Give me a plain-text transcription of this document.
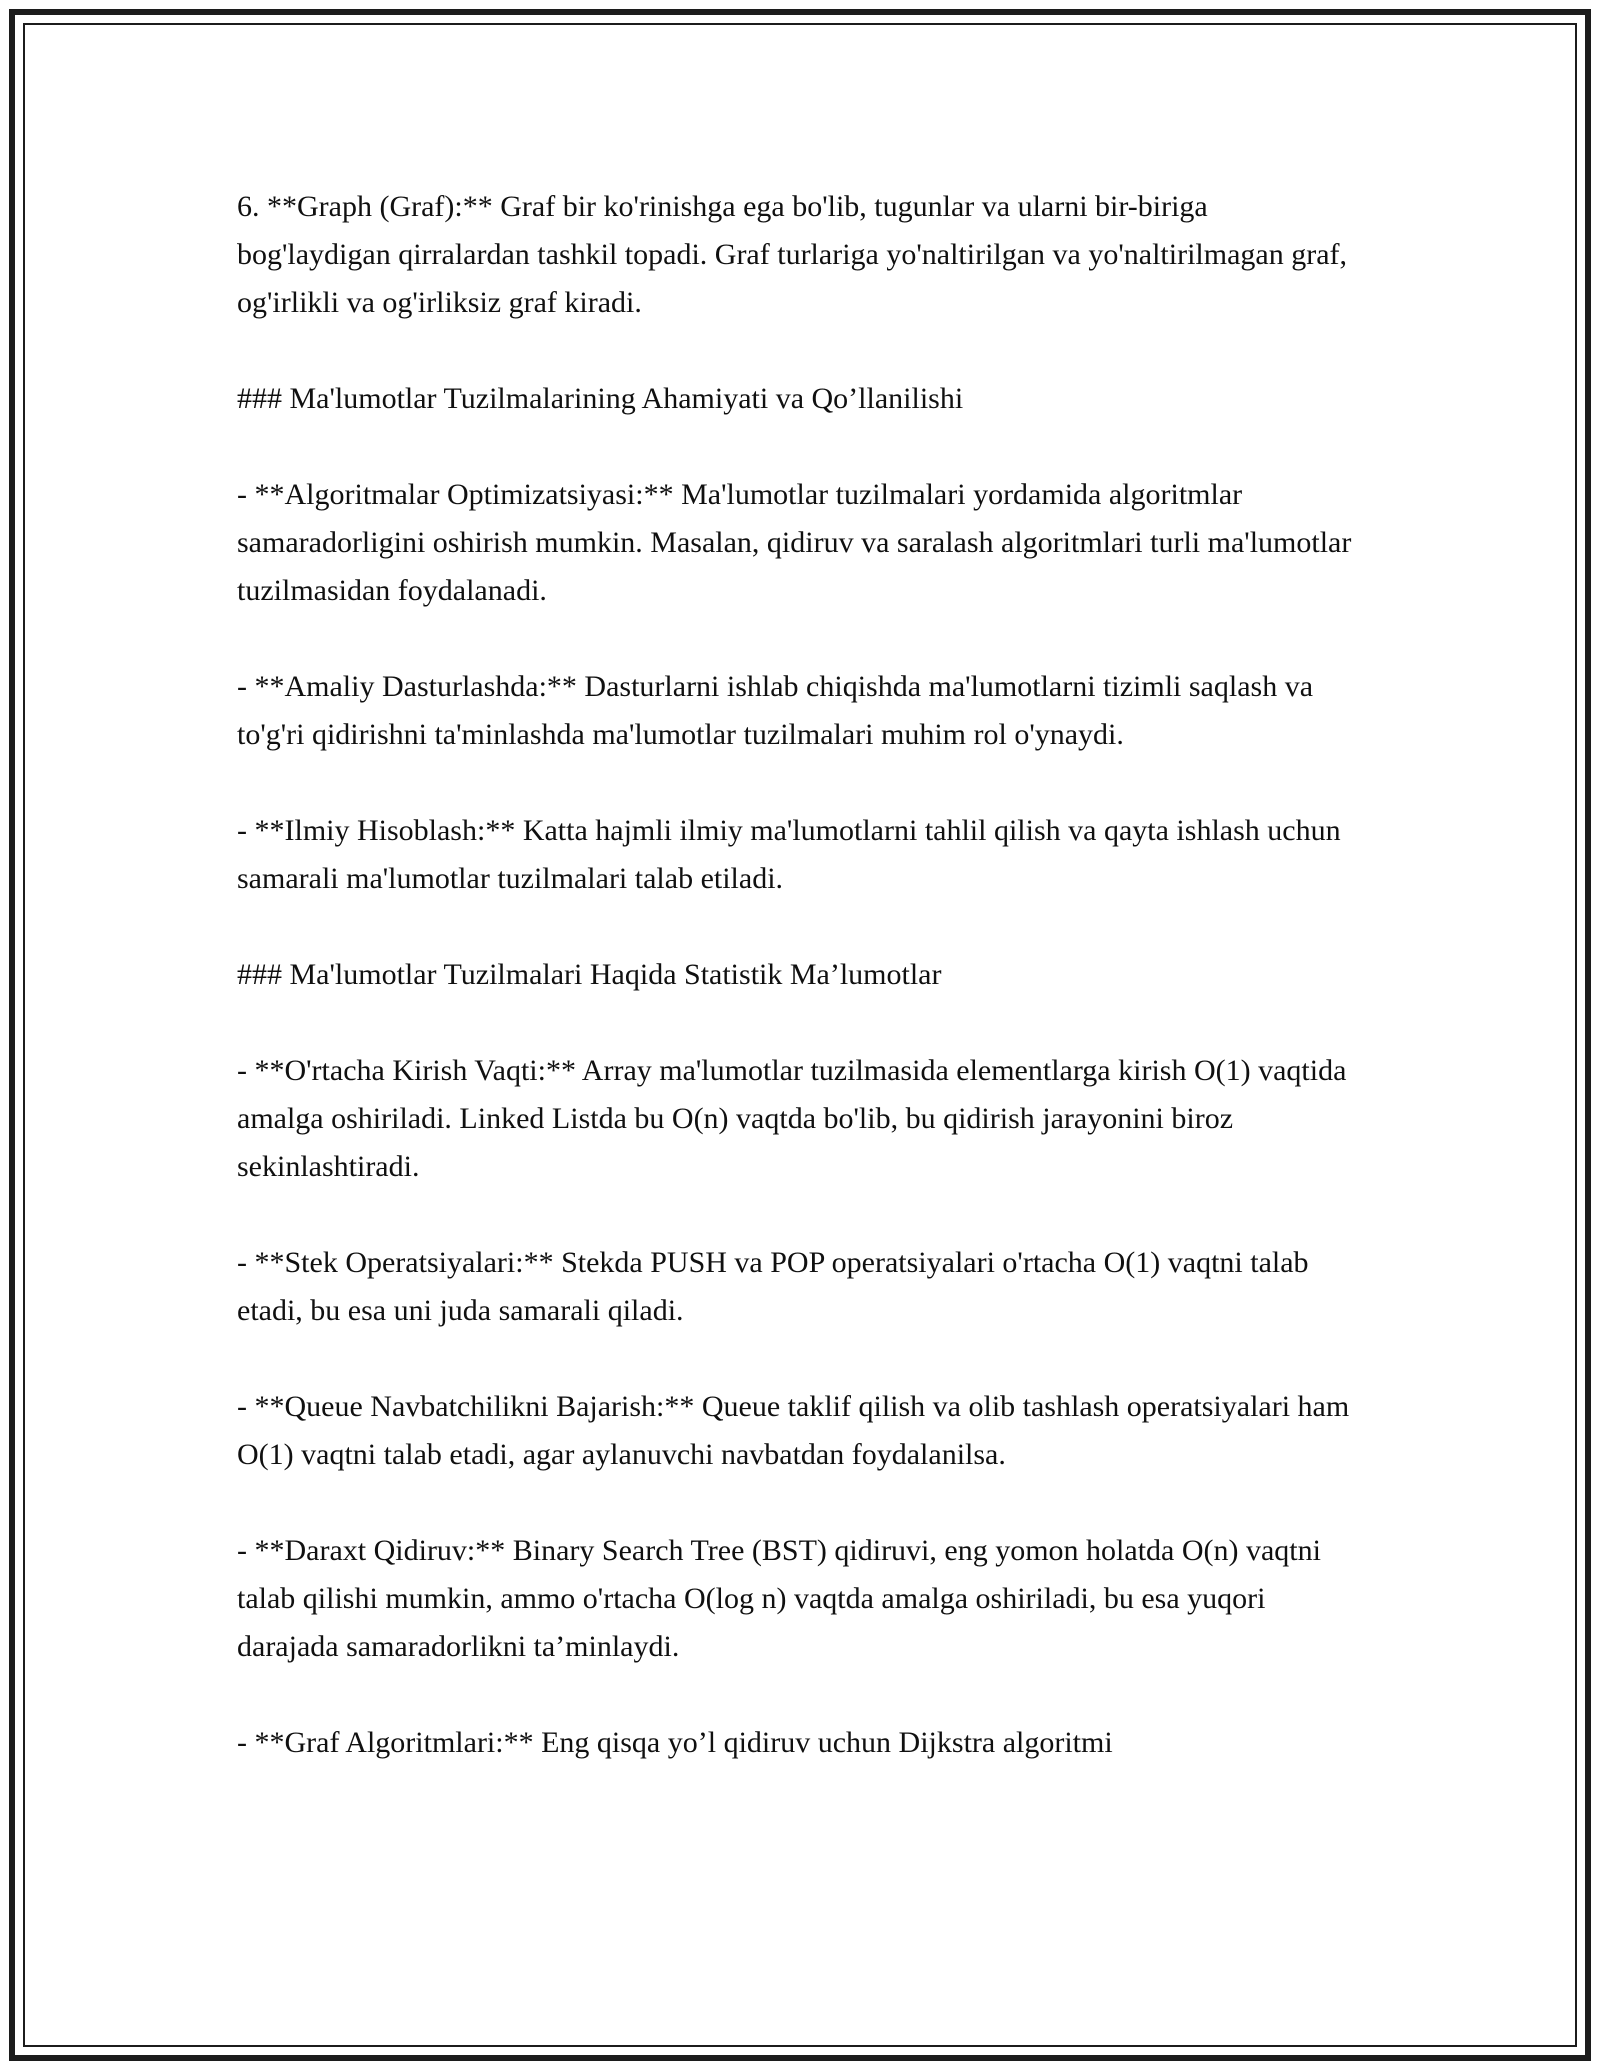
6. **Graph (Graf):** Graf bir ko'rinishga ega bo'lib, tugunlar va ularni bir-biriga bog'laydigan qirralardan tashkil topadi. Graf turlariga yo'naltirilgan va yo'naltirilmagan graf, og'irlikli va og'irliksiz graf kiradi.

### Ma'lumotlar Tuzilmalarining Ahamiyati va Qo’llanilishi

- **Algoritmalar Optimizatsiyasi:** Ma'lumotlar tuzilmalari yordamida algoritmlar samaradorligini oshirish mumkin. Masalan, qidiruv va saralash algoritmlari turli ma'lumotlar tuzilmasidan foydalanadi.

- **Amaliy Dasturlashda:** Dasturlarni ishlab chiqishda ma'lumotlarni tizimli saqlash va to'g'ri qidirishni ta'minlashda ma'lumotlar tuzilmalari muhim rol o'ynaydi.

- **Ilmiy Hisoblash:** Katta hajmli ilmiy ma'lumotlarni tahlil qilish va qayta ishlash uchun samarali ma'lumotlar tuzilmalari talab etiladi.

### Ma'lumotlar Tuzilmalari Haqida Statistik Ma’lumotlar

- **O'rtacha Kirish Vaqti:** Array ma'lumotlar tuzilmasida elementlarga kirish O(1) vaqtida amalga oshiriladi. Linked Listda bu O(n) vaqtda bo'lib, bu qidirish jarayonini biroz sekinlashtiradi.

- **Stek Operatsiyalari:** Stekda PUSH va POP operatsiyalari o'rtacha O(1) vaqtni talab etadi, bu esa uni juda samarali qiladi.

- **Queue Navbatchilikni Bajarish:** Queue taklif qilish va olib tashlash operatsiyalari ham O(1) vaqtni talab etadi, agar aylanuvchi navbatdan foydalanilsa.

- **Daraxt Qidiruv:** Binary Search Tree (BST) qidiruvi, eng yomon holatda O(n) vaqtni talab qilishi mumkin, ammo o'rtacha O(log n) vaqtda amalga oshiriladi, bu esa yuqori darajada samaradorlikni ta’minlaydi.

- **Graf Algoritmlari:** Eng qisqa yo’l qidiruv uchun Dijkstra algoritmi
